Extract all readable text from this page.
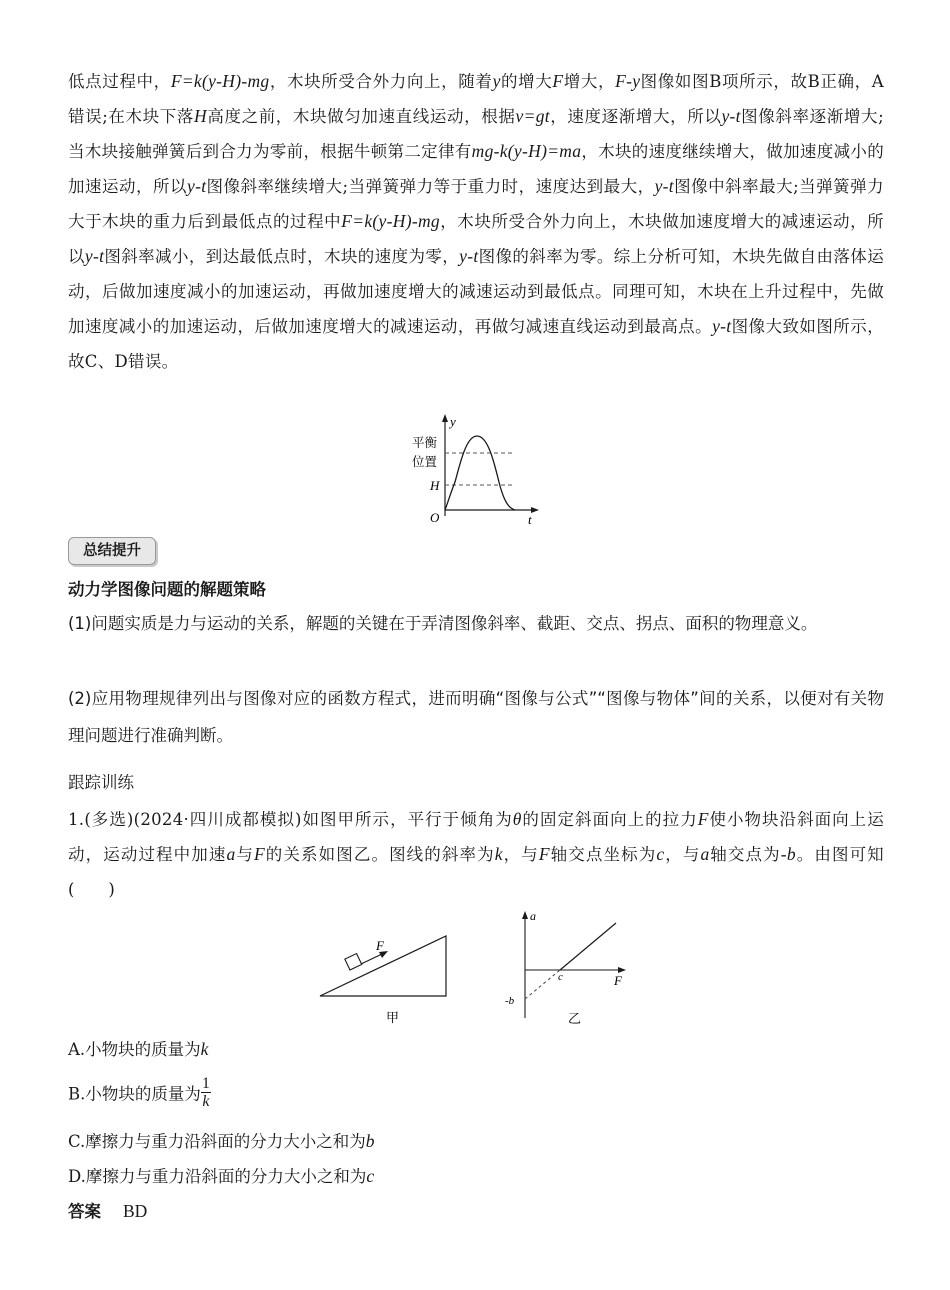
低点过程中，F=k(y-H)-mg，木块所受合外力向上，随着y的增大F增大，F-y图像如图B项所示，故B正确，A错误;在木块下落H高度之前，木块做匀加速直线运动，根据v=gt，速度逐渐增大，所以y-t图像斜率逐渐增大;当木块接触弹簧后到合力为零前，根据牛顿第二定律有mg-k(y-H)=ma，木块的速度继续增大，做加速度减小的加速运动，所以y-t图像斜率继续增大;当弹簧弹力等于重力时，速度达到最大，y-t图像中斜率最大;当弹簧弹力大于木块的重力后到最低点的过程中F=k(y-H)-mg，木块所受合外力向上，木块做加速度增大的减速运动，所以y-t图斜率减小，到达最低点时，木块的速度为零，y-t图像的斜率为零。综上分析可知，木块先做自由落体运动，后做加速度减小的加速运动，再做加速度增大的减速运动到最低点。同理可知，木块在上升过程中，先做加速度减小的加速运动，后做加速度增大的减速运动，再做匀减速直线运动到最高点。y-t图像大致如图所示，故C、D错误。

y
t
O
平衡
位置
H
总结提升
动力学图像问题的解题策略
(1)问题实质是力与运动的关系，解题的关键在于弄清图像斜率、截距、交点、拐点、面积的物理意义。
(2)应用物理规律列出与图像对应的函数方程式，进而明确“图像与公式”“图像与物体”间的关系，以便对有关物理问题进行准确判断。
跟踪训练

1.(多选)(2024·四川成都模拟)如图甲所示，平行于倾角为θ的固定斜面向上的拉力F使小物块沿斜面向上运动，运动过程中加速a与F的关系如图乙。图线的斜率为k，与F轴交点坐标为c，与a轴交点为-b。由图可知(　　)

F
甲
a
F
c
-b
乙
A.小物块的质量为k
B.小物块的质量为 $\frac{1}{k}$
C.摩擦力与重力沿斜面的分力大小之和为b
D.摩擦力与重力沿斜面的分力大小之和为c
答案 BD
